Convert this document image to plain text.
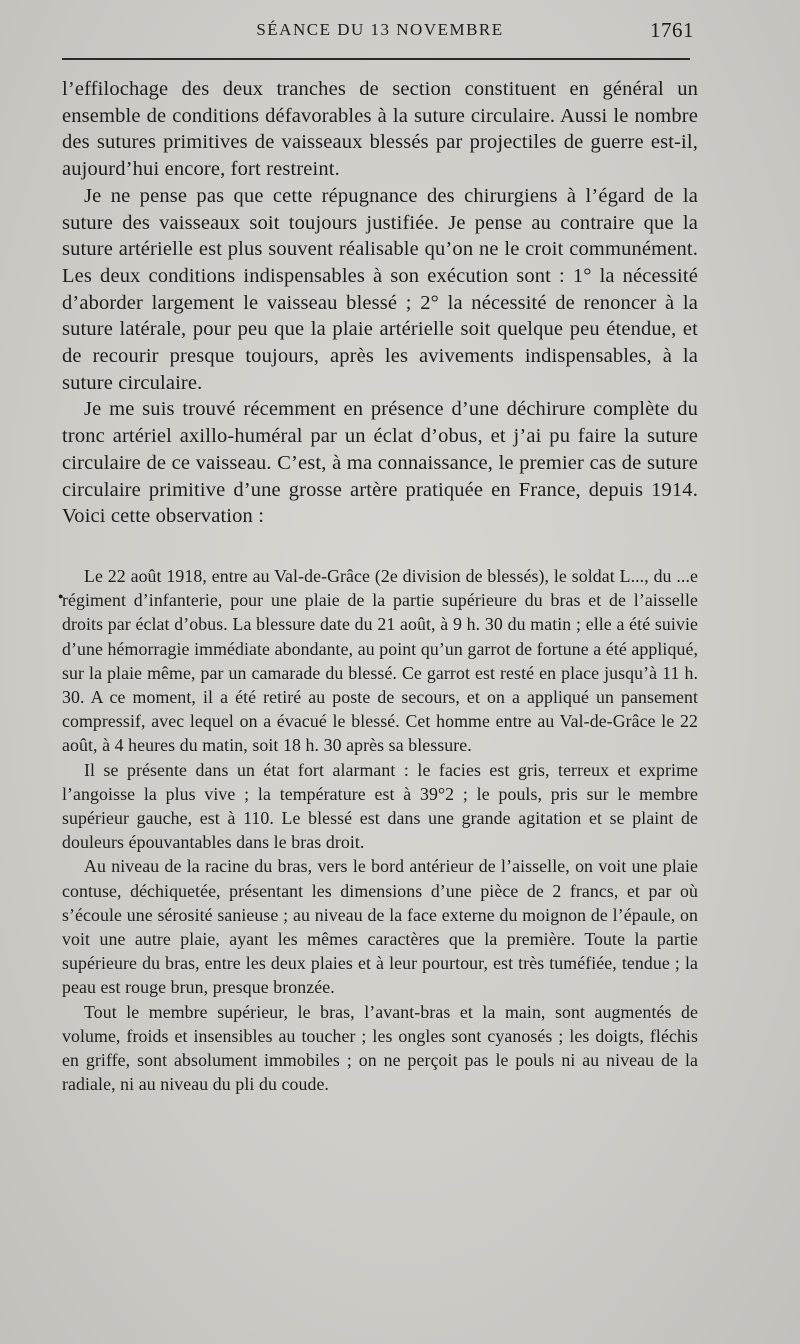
SÉANCE DU 13 NOVEMBRE	1761
●

l’effilochage des deux tranches de section constituent en général un ensemble de conditions défavorables à la suture circulaire. Aussi le nombre des sutures primitives de vaisseaux blessés par projectiles de guerre est-il, aujourd’hui encore, fort restreint.

Je ne pense pas que cette répugnance des chirurgiens à l’égard de la suture des vaisseaux soit toujours justifiée. Je pense au contraire que la suture artérielle est plus souvent réalisable qu’on ne le croit communément. Les deux conditions indispensables à son exécution sont : 1° la nécessité d’aborder largement le vaisseau blessé ; 2° la nécessité de renoncer à la suture latérale, pour peu que la plaie artérielle soit quelque peu étendue, et de recourir presque toujours, après les avivements indispensables, à la suture circulaire.

Je me suis trouvé récemment en présence d’une déchirure complète du tronc artériel axillo-huméral par un éclat d’obus, et j’ai pu faire la suture circulaire de ce vaisseau. C’est, à ma connaissance, le premier cas de suture circulaire primitive d’une grosse artère pratiquée en France, depuis 1914. Voici cette observation :

Le 22 août 1918, entre au Val-de-Grâce (2e division de blessés), le soldat L..., du ...e régiment d’infanterie, pour une plaie de la partie supérieure du bras et de l’aisselle droits par éclat d’obus. La blessure date du 21 août, à 9 h. 30 du matin ; elle a été suivie d’une hémorragie immédiate abondante, au point qu’un garrot de fortune a été appliqué, sur la plaie même, par un camarade du blessé. Ce garrot est resté en place jusqu’à 11 h. 30. A ce moment, il a été retiré au poste de secours, et on a appliqué un pansement compressif, avec lequel on a évacué le blessé. Cet homme entre au Val-de-Grâce le 22 août, à 4 heures du matin, soit 18 h. 30 après sa blessure.

Il se présente dans un état fort alarmant : le facies est gris, terreux et exprime l’angoisse la plus vive ; la température est à 39°2 ; le pouls, pris sur le membre supérieur gauche, est à 110. Le blessé est dans une grande agitation et se plaint de douleurs épouvantables dans le bras droit.

Au niveau de la racine du bras, vers le bord antérieur de l’aisselle, on voit une plaie contuse, déchiquetée, présentant les dimensions d’une pièce de 2 francs, et par où s’écoule une sérosité sanieuse ; au niveau de la face externe du moignon de l’épaule, on voit une autre plaie, ayant les mêmes caractères que la première. Toute la partie supérieure du bras, entre les deux plaies et à leur pourtour, est très tuméfiée, tendue ; la peau est rouge brun, presque bronzée.

Tout le membre supérieur, le bras, l’avant-bras et la main, sont augmentés de volume, froids et insensibles au toucher ; les ongles sont cyanosés ; les doigts, fléchis en griffe, sont absolument immobiles ; on ne perçoit pas le pouls ni au niveau de la radiale, ni au niveau du pli du coude.
